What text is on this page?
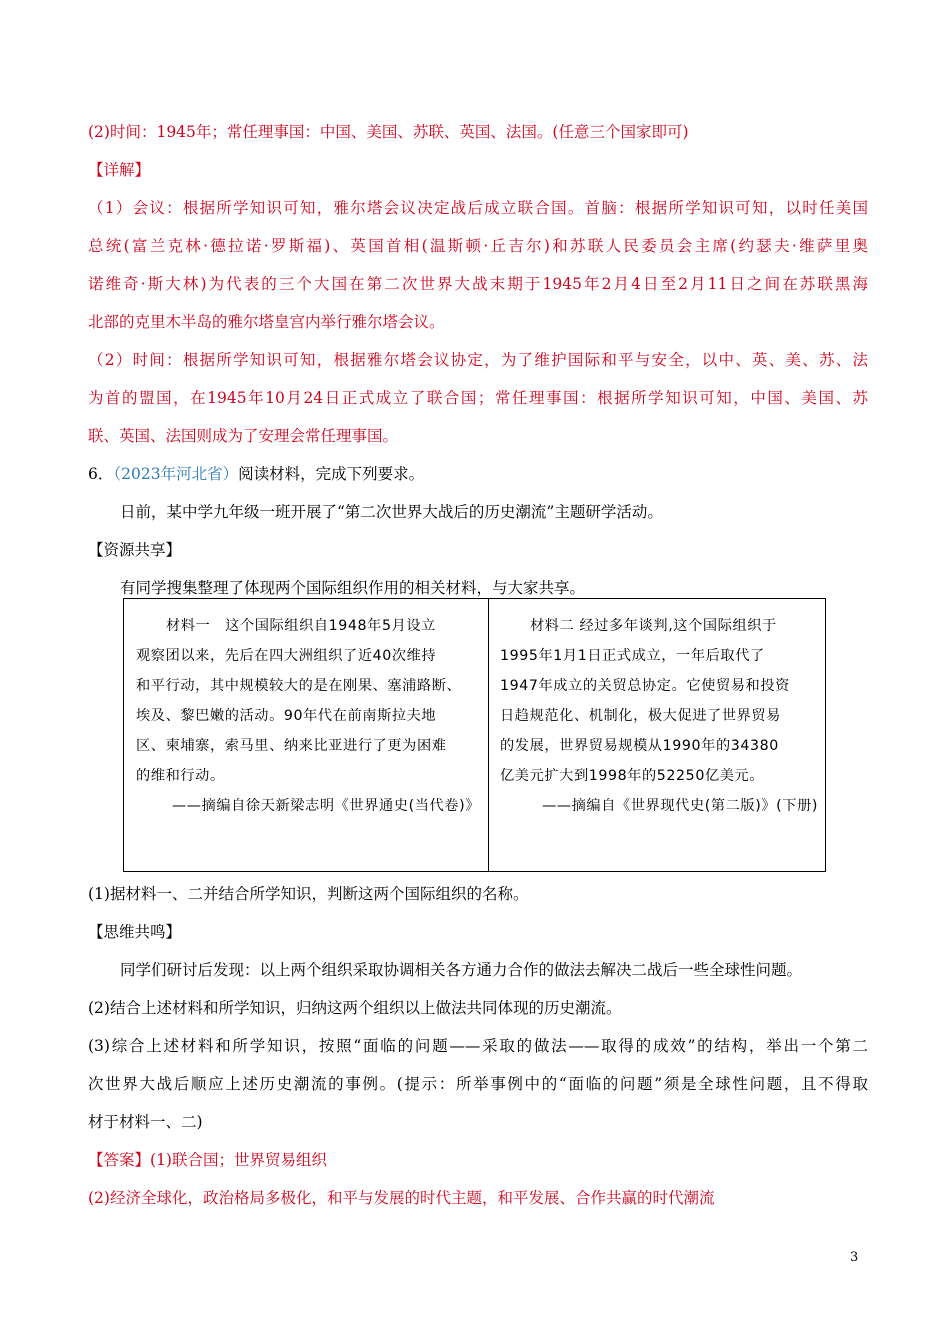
(2)时间：1945年；常任理事国：中国、美国、苏联、英国、法国。(任意三个国家即可)
【详解】
（1）会议：根据所学知识可知，雅尔塔会议决定战后成立联合国。首脑：根据所学知识可知，以时任美国
总统(富兰克林·德拉诺·罗斯福)、英国首相(温斯顿·丘吉尔)和苏联人民委员会主席(约瑟夫·维萨里奥
诺维奇·斯大林)为代表的三个大国在第二次世界大战末期于1945年2月4日至2月11日之间在苏联黑海
北部的克里木半岛的雅尔塔皇宫内举行雅尔塔会议。
（2）时间：根据所学知识可知，根据雅尔塔会议协定，为了维护国际和平与安全，以中、英、美、苏、法
为首的盟国，在1945年10月24日正式成立了联合国；常任理事国：根据所学知识可知，中国、美国、苏
联、英国、法国则成为了安理会常任理事国。
6．（2023年河北省）阅读材料，完成下列要求。
日前，某中学九年级一班开展了“第二次世界大战后的历史潮流”主题研学活动。
【资源共享】
有同学搜集整理了体现两个国际组织作用的相关材料，与大家共享。

材料一　这个国际组织自1948年5月设立

观察团以来，先后在四大洲组织了近40次维持

和平行动，其中规模较大的是在刚果、塞浦路断、

埃及、黎巴嫩的活动。90年代在前南斯拉夫地

区、柬埔寨，索马里、纳来比亚进行了更为困难

的维和行动。

——摘编自徐天新梁志明《世界通史(当代卷)》

材料二 经过多年谈判,这个国际组织于

1995年1月1日正式成立，一年后取代了

1947年成立的关贸总协定。它使贸易和投资

日趋规范化、机制化，极大促进了世界贸易

的发展，世界贸易规模从1990年的34380

亿美元扩大到1998年的52250亿美元。

——摘编自《世界现代史(第二版)》(下册)

(1)据材料一、二并结合所学知识，判断这两个国际组织的名称。
【思维共鸣】
同学们研讨后发现：以上两个组织采取协调相关各方通力合作的做法去解决二战后一些全球性问题。
(2)结合上述材料和所学知识，归纳这两个组织以上做法共同体现的历史潮流。
(3)综合上述材料和所学知识，按照“面临的问题——采取的做法——取得的成效”的结构，举出一个第二
次世界大战后顺应上述历史潮流的事例。(提示：所举事例中的“面临的问题”须是全球性问题，且不得取
材于材料一、二)
【答案】(1)联合国；世界贸易组织
(2)经济全球化，政治格局多极化，和平与发展的时代主题，和平发展、合作共赢的时代潮流
3
